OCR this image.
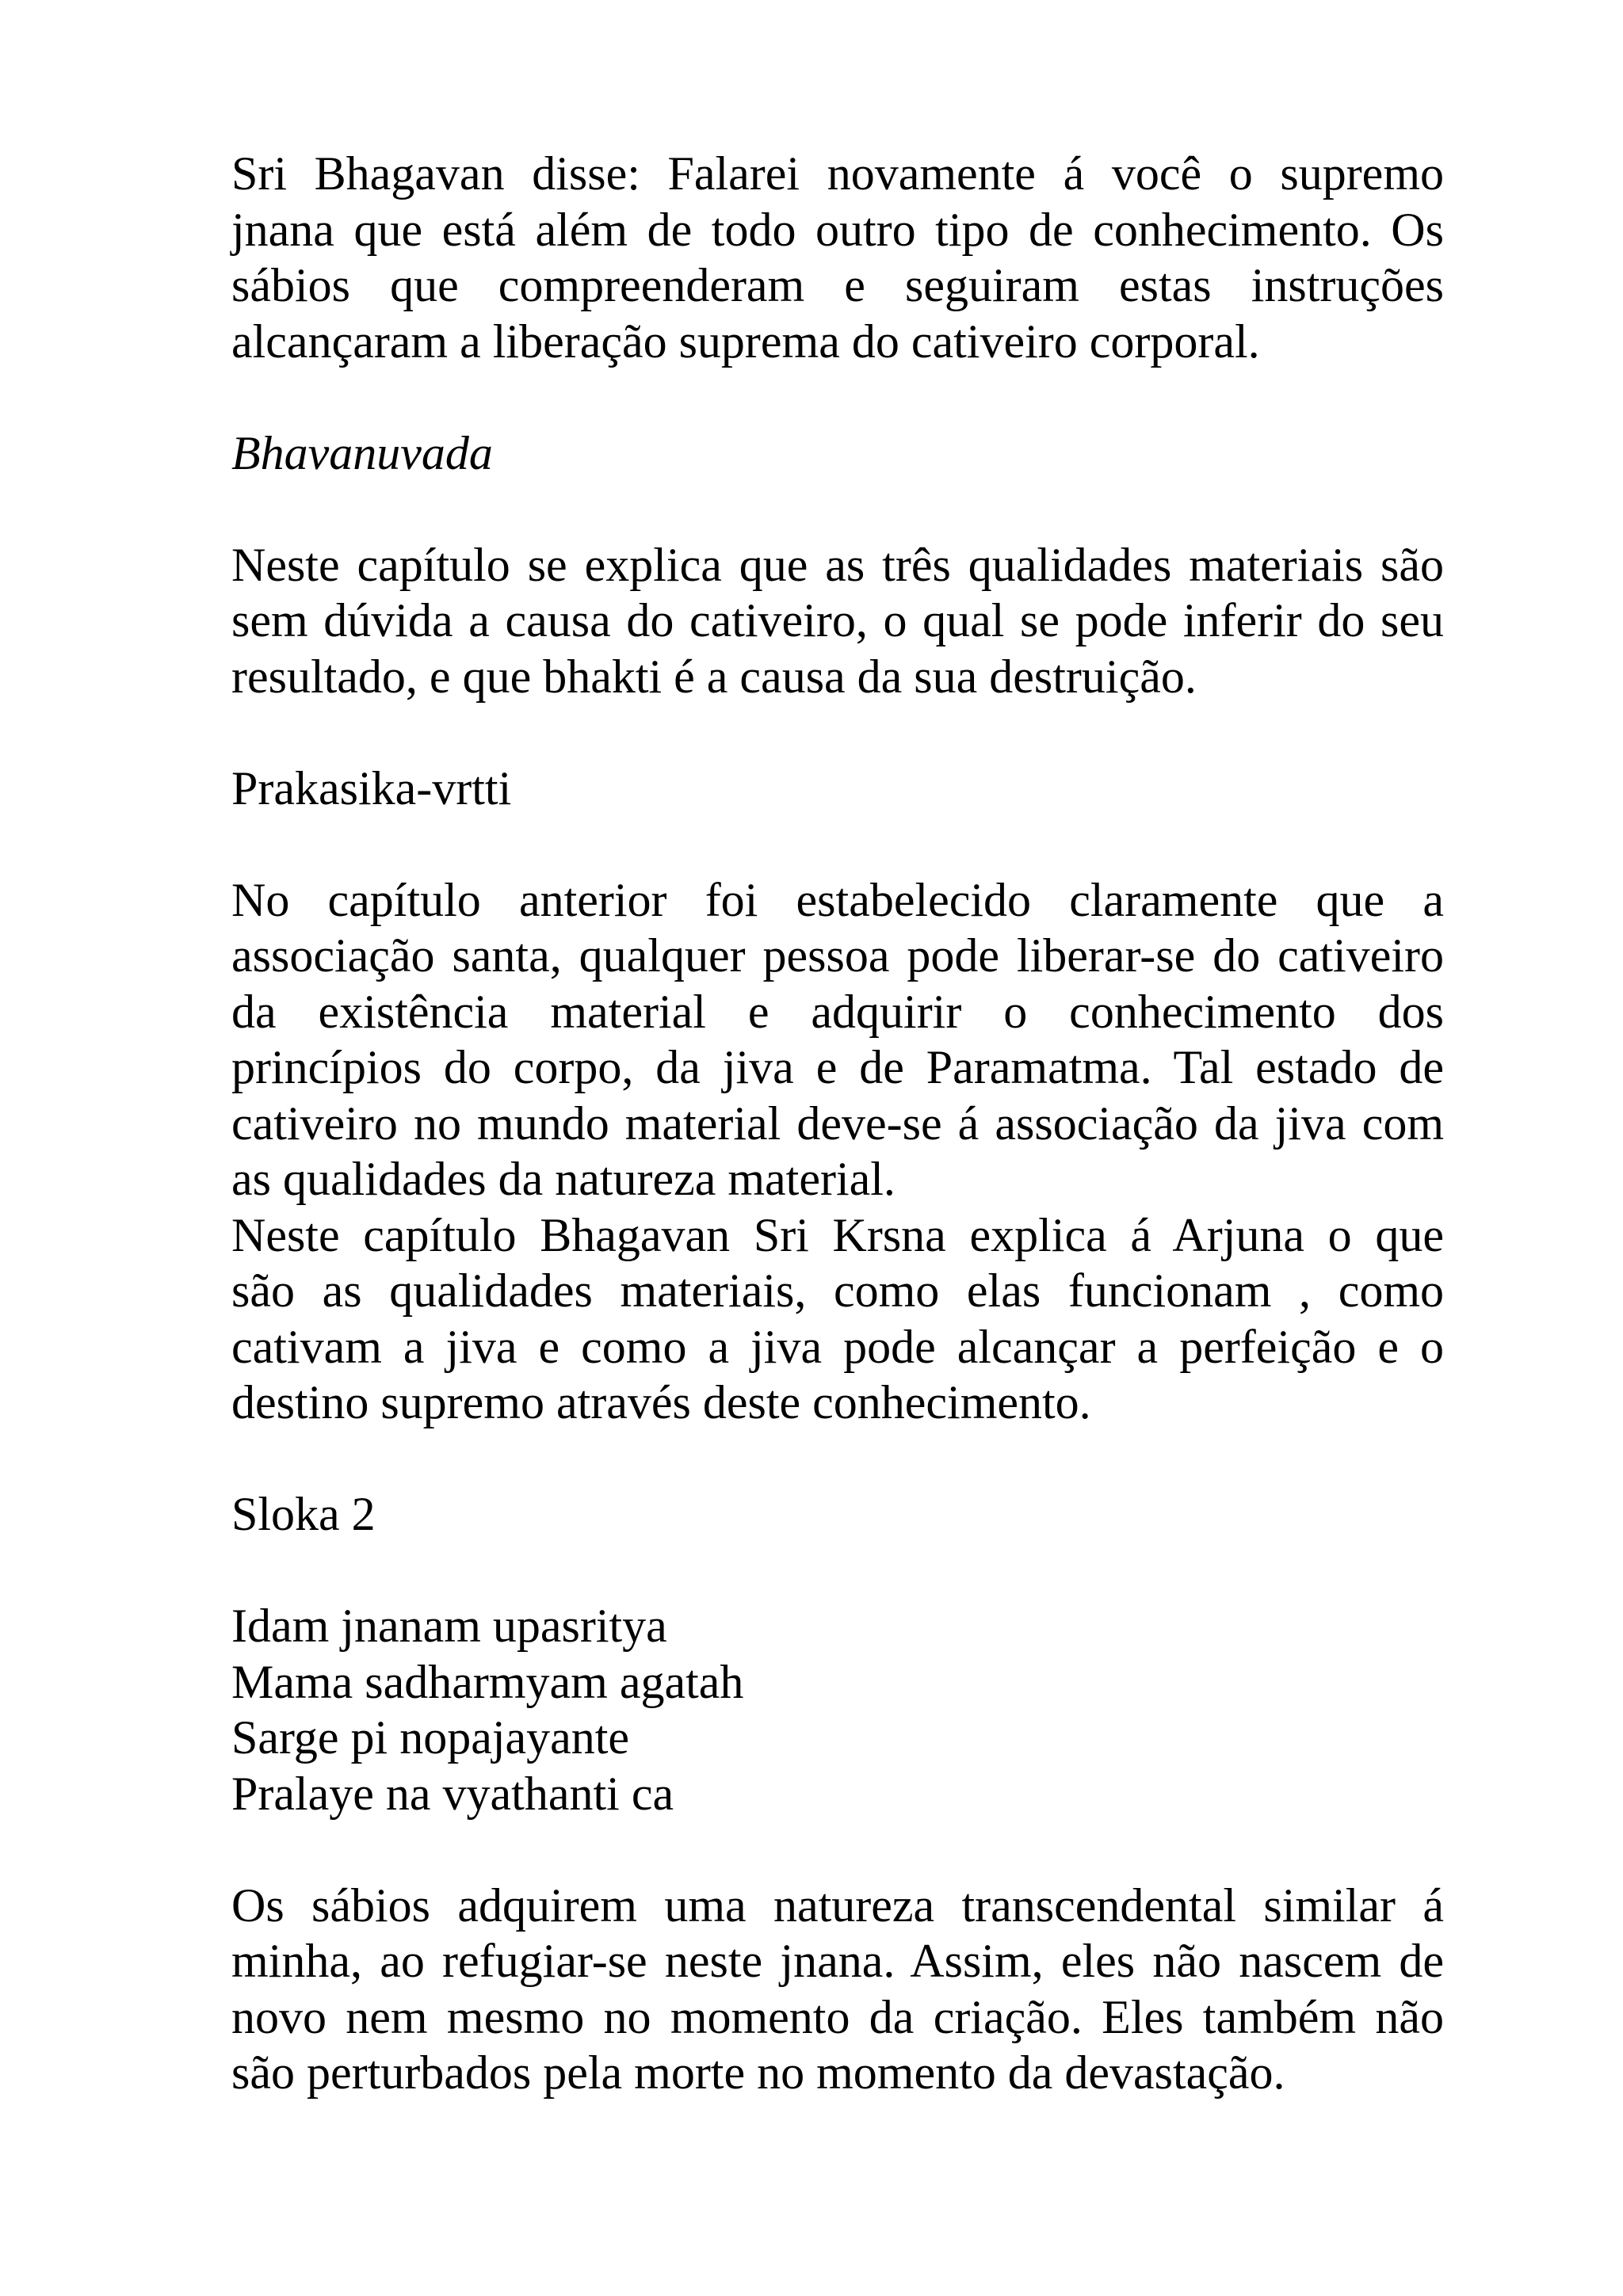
Sri Bhagavan disse: Falarei novamente á você o supremo
jnana que está além de todo outro tipo de conhecimento. Os
sábios que compreenderam e seguiram estas instruções
alcançaram a liberação suprema do cativeiro corporal.

Bhavanuvada

Neste capítulo se explica que as três qualidades materiais são
sem dúvida a causa do cativeiro, o qual se pode inferir do seu
resultado, e que bhakti é a causa da sua destruição.

Prakasika-vrtti

No capítulo anterior foi estabelecido claramente que a
associação santa, qualquer pessoa pode liberar-se do cativeiro
da existência material e adquirir o conhecimento dos
princípios do corpo, da jiva e de Paramatma. Tal estado de
cativeiro no mundo material deve-se á associação da jiva com
as qualidades da natureza material.
Neste capítulo Bhagavan Sri Krsna explica á Arjuna o que
são as qualidades materiais, como elas funcionam , como
cativam a jiva e como a jiva pode alcançar a perfeição e o
destino supremo através deste conhecimento.

Sloka 2

Idam jnanam upasritya
Mama sadharmyam agatah
Sarge pi nopajayante
Pralaye na vyathanti ca
Os sábios adquirem uma natureza transcendental similar á
minha, ao refugiar-se neste jnana. Assim, eles não nascem de
novo nem mesmo no momento da criação. Eles também não
são perturbados pela morte no momento da devastação.
